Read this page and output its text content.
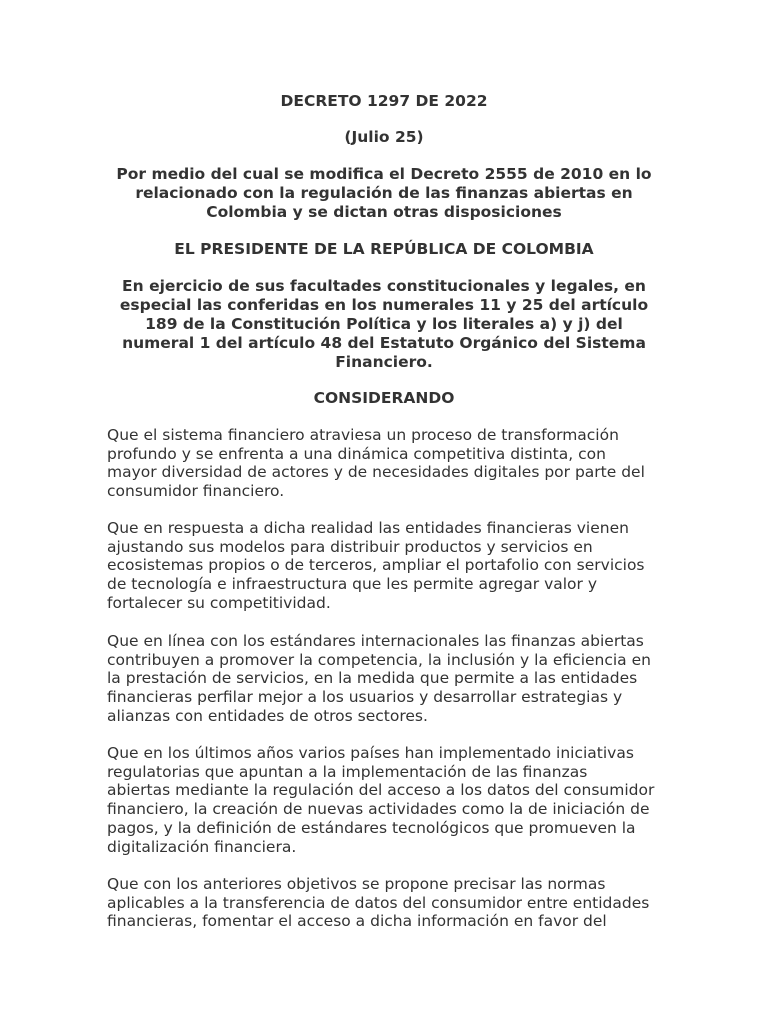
DECRETO 1297 DE 2022

(Julio 25)

Por medio del cual se modifica el Decreto 2555 de 2010 en lo
relacionado con la regulación de las finanzas abiertas en
Colombia y se dictan otras disposiciones

EL PRESIDENTE DE LA REPÚBLICA DE COLOMBIA

En ejercicio de sus facultades constitucionales y legales, en
especial las conferidas en los numerales 11 y 25 del artículo
189 de la Constitución Política y los literales a) y j) del
numeral 1 del artículo 48 del Estatuto Orgánico del Sistema
Financiero.

CONSIDERANDO

Que el sistema financiero atraviesa un proceso de transformación
profundo y se enfrenta a una dinámica competitiva distinta, con
mayor diversidad de actores y de necesidades digitales por parte del
consumidor financiero.

Que en respuesta a dicha realidad las entidades financieras vienen
ajustando sus modelos para distribuir productos y servicios en
ecosistemas propios o de terceros, ampliar el portafolio con servicios
de tecnología e infraestructura que les permite agregar valor y
fortalecer su competitividad.

Que en línea con los estándares internacionales las finanzas abiertas
contribuyen a promover la competencia, la inclusión y la eficiencia en
la prestación de servicios, en la medida que permite a las entidades
financieras perfilar mejor a los usuarios y desarrollar estrategias y
alianzas con entidades de otros sectores.

Que en los últimos años varios países han implementado iniciativas
regulatorias que apuntan a la implementación de las finanzas
abiertas mediante la regulación del acceso a los datos del consumidor
financiero, la creación de nuevas actividades como la de iniciación de
pagos, y la definición de estándares tecnológicos que promueven la
digitalización financiera.

Que con los anteriores objetivos se propone precisar las normas
aplicables a la transferencia de datos del consumidor entre entidades
financieras, fomentar el acceso a dicha información en favor del
